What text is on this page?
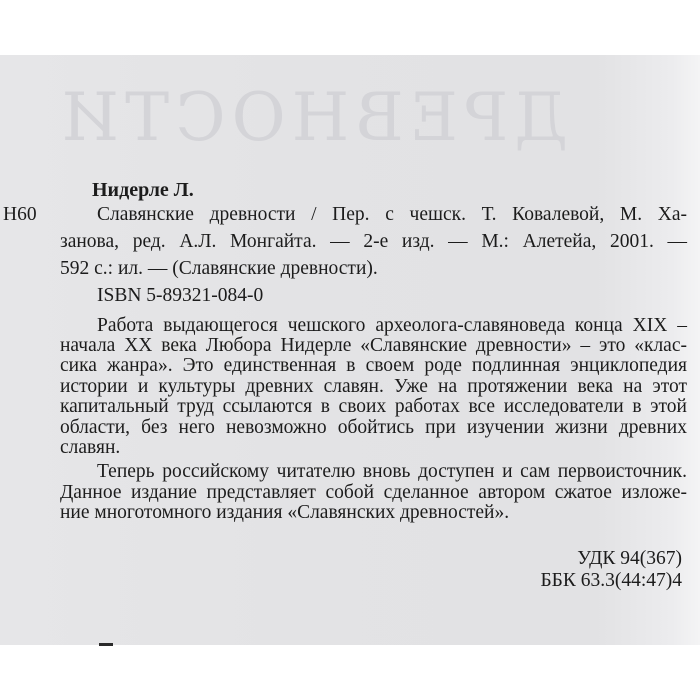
ДРЕВНОСТИ
Нидерле Л.
Н60	Славянские древности / Пер. с чешск. Т. Ковалевой, М. Ха-
занова, ред. А.Л. Монгайта. — 2-е изд. — М.: Алетейа, 2001. —
592 с.: ил. — (Славянские древности).
ISBN 5-89321-084-0
Работа выдающегося чешского археолога-славяноведа конца XIX –
начала XX века Любора Нидерле «Славянские древности» – это «клас-
сика жанра». Это единственная в своем роде подлинная энциклопедия
истории и культуры древних славян. Уже на протяжении века на этот
капитальный труд ссылаются в своих работах все исследователи в этой
области, без него невозможно обойтись при изучении жизни древних
славян.
Теперь российскому читателю вновь доступен и сам первоисточник.
Данное издание представляет собой сделанное автором сжатое изложе-
ние многотомного издания «Славянских древностей».
УДК 94(367)
ББК 63.3(44:47)4
